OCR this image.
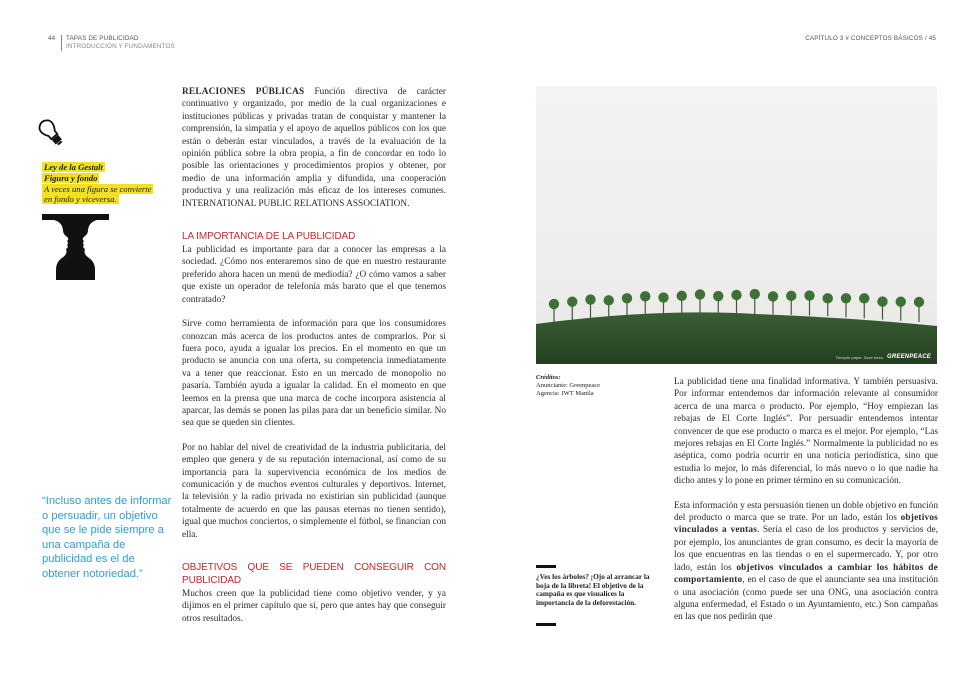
44 TAPAS DE PUBLICIDAD
INTRODUCCIÓN Y FUNDAMENTOS
CAPÍTULO 3 # CONCEPTOS BÁSICOS / 45
Ley de la Gestalt
Figura y fondo
A veces una figura se convierte
en fondo y viceversa.
“Incluso antes de informar o persuadir, un objetivo que se le pide siempre a una campaña de publicidad es el de obtener notoriedad.”

RELACIONES PÚBLICAS Función directiva de carácter continuativo y organizado, por medio de la cual organizaciones e instituciones públicas y privadas tratan de conquistar y mantener la comprensión, la simpatía y el apoyo de aquellos públicos con los que están o deberán estar vinculados, a través de la evaluación de la opinión pública sobre la obra propia, a fin de concordar en todo lo posible las orientaciones y procedimientos propios y obtener, por medio de una información amplia y difundida, una cooperación productiva y una realización más eficaz de los intereses comunes. INTERNATIONAL PUBLIC RELATIONS ASSOCIATION.

LA IMPORTANCIA DE LA PUBLICIDAD

La publicidad es importante para dar a conocer las empresas a la sociedad. ¿Cómo nos enteraremos sino de que en nuestro restaurante preferido ahora hacen un menú de mediodía? ¿O cómo vamos a saber que existe un operador de telefonía más barato que el que tenemos contratado?

Sirve como herramienta de información para que los consumidores conozcan más acerca de los productos antes de comprarlos. Por si fuera poco, ayuda a igualar los precios. En el momento en que un producto se anuncia con una oferta, su competencia inmediatamente va a tener que reaccionar. Esto en un mercado de monopolio no pasaría. También ayuda a igualar la calidad. En el momento en que leemos en la prensa que una marca de coche incorpora asistencia al aparcar, las demás se ponen las pilas para dar un beneficio similar. No sea que se queden sin clientes.

Por no hablar del nivel de creatividad de la industria publicitaria, del empleo que genera y de su reputación internacional, así como de su importancia para la supervivencia económica de los medios de comunicación y de muchos eventos culturales y deportivos. Internet, la televisión y la radio privada no existirían sin publicidad (aunque totalmente de acuerdo en que las pausas eternas no tienen sentido), igual que muchos conciertos, o simplemente el fútbol, se financian con ella.

OBJETIVOS QUE SE PUEDEN CONSEGUIR CON PUBLICIDAD

Muchos creen que la publicidad tiene como objetivo vender, y ya dijimos en el primer capítulo que sí, pero que antes hay que conseguir otros resultados.

Recycle paper. Save trees. GREENPEACE
Créditos:
Anunciante: Greenpeace
Agencia: JWT Manila
¿Ves los árboles? ¡Ojo al arrancar la hoja de la libreta! El objetivo de la campaña es que visualices la importancia de la deforestación.

La publicidad tiene una finalidad informativa. Y también persuasiva. Por informar entendemos dar información relevante al consumidor acerca de una marca o producto. Por ejemplo, “Hoy empiezan las rebajas de El Corte Inglés”. Por persuadir entendemos intentar convencer de que ese producto o marca es el mejor. Por ejemplo, “Las mejores rebajas en El Corte Inglés.” Normalmente la publicidad no es aséptica, como podría ocurrir en una noticia periodística, sino que estudia lo mejor, lo más diferencial, lo más nuevo o lo que nadie ha dicho antes y lo pone en primer término en su comunicación.

Esta información y esta persuasión tienen un doble objetivo en función del producto o marca que se trate. Por un lado, están los objetivos vinculados a ventas. Sería el caso de los productos y servicios de, por ejemplo, los anunciantes de gran consumo, es decir la mayoría de los que encuentras en las tiendas o en el supermercado. Y, por otro lado, están los objetivos vinculados a cambiar los hábitos de comportamiento, en el caso de que el anunciante sea una institución o una asociación (como puede ser una ONG, una asociación contra alguna enfermedad, el Estado o un Ayuntamiento, etc.) Son campañas en las que nos pedirán que
